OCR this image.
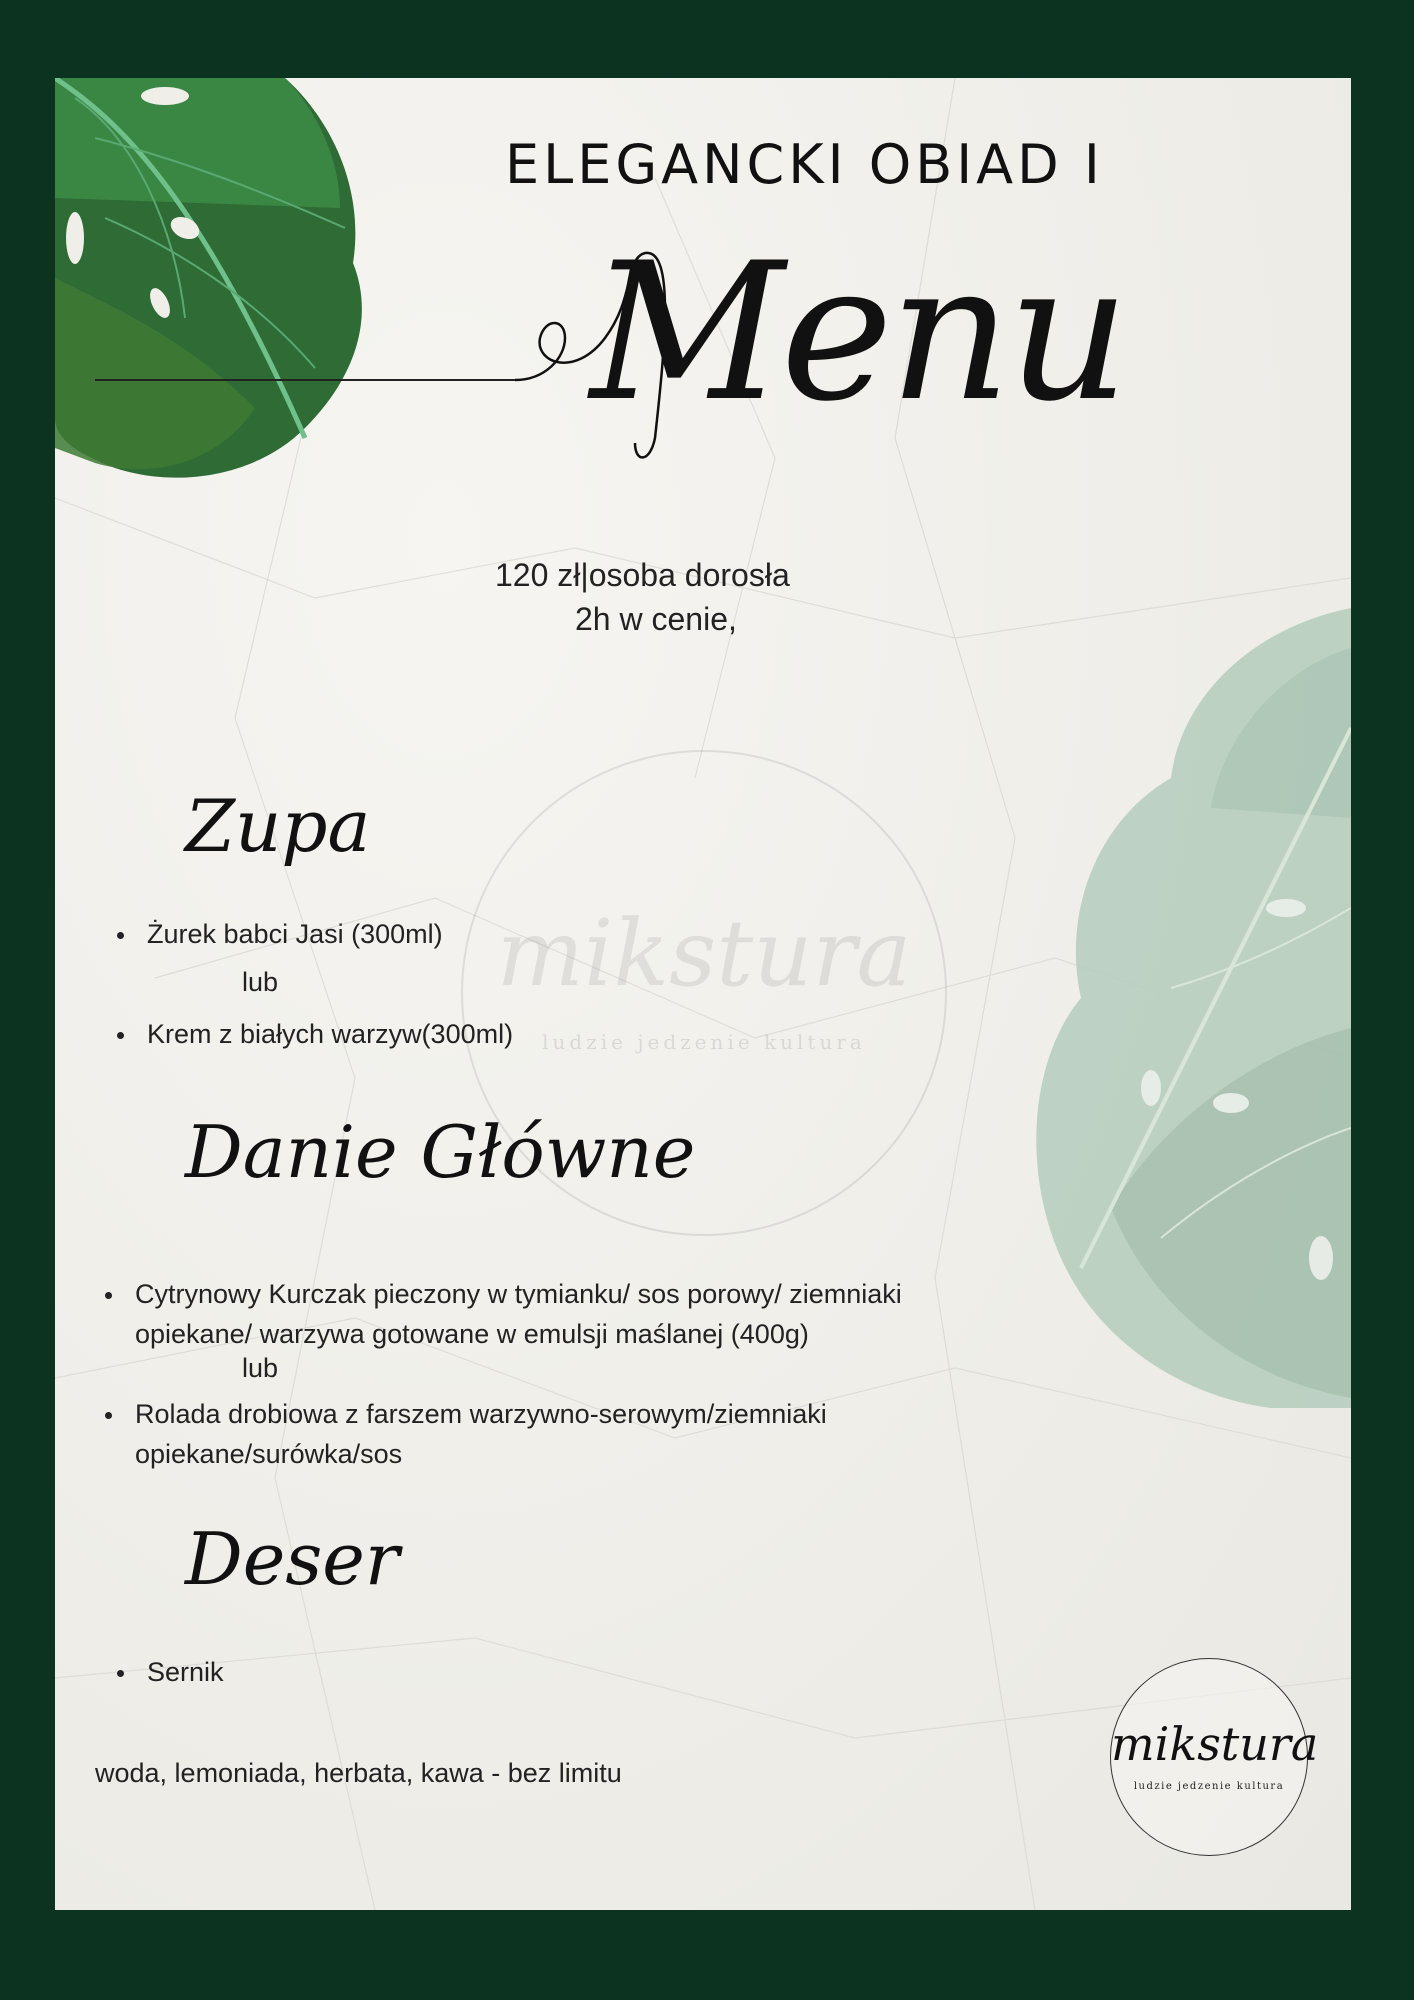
mikstura
ludzie jedzenie kultura
ELEGANCKI OBIAD I
Menu
120 zł|osoba dorosła
2h w cenie,
Zupa
Żurek babci Jasi (300ml)
lub
Krem z białych warzyw(300ml)
Danie Główne
Cytrynowy Kurczak pieczony w tymianku/ sos porowy/ ziemniaki
opiekane/ warzywa gotowane w emulsji maślanej (400g)
lub
Rolada drobiowa z farszem warzywno-serowym/ziemniaki
opiekane/surówka/sos
Deser
Sernik
woda, lemoniada, herbata, kawa - bez limitu
mikstura
ludzie jedzenie kultura
